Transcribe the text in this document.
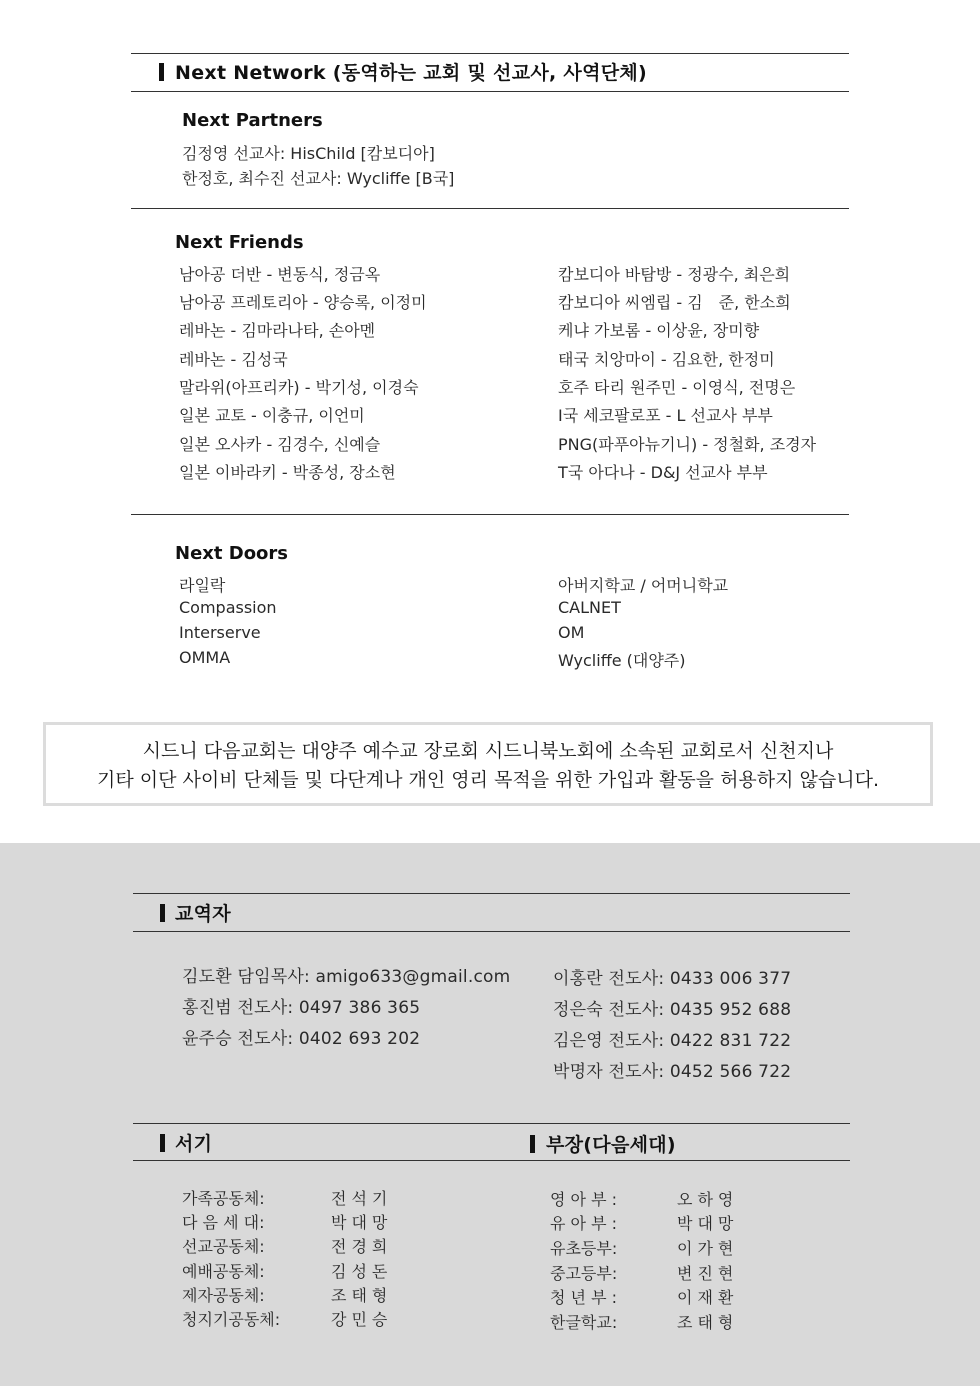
Next Network (동역하는 교회 및 선교사, 사역단체)
Next Partners
김정영 선교사: HisChild [캄보디아]
한정호, 최수진 선교사: Wycliffe [B국]
Next Friends
남아공 더반 - 변동식, 정금옥
남아공 프레토리아 - 양승록, 이정미
레바논 - 김마라나타, 손아멘
레바논 - 김성국
말라위(아프리카) - 박기성, 이경숙
일본 교토 - 이충규, 이언미
일본 오사카 - 김경수, 신예슬
일본 이바라키 - 박종성, 장소현
캄보디아 바탐방 - 정광수, 최은희
캄보디아 씨엠립 - 김　준, 한소희
케냐 가보롬 - 이상윤, 장미향
태국 치앙마이 - 김요한, 한정미
호주 타리 원주민 - 이영식, 전명은
I국 세코팔로포 - L 선교사 부부
PNG(파푸아뉴기니) - 정철화, 조경자
T국 아다나 - D&J 선교사 부부
Next Doors
라일락
Compassion
Interserve
OMMA
아버지학교 / 어머니학교
CALNET
OM
Wycliffe (대양주)
시드니 다음교회는 대양주 예수교 장로회 시드니북노회에 소속된 교회로서 신천지나
기타 이단 사이비 단체들 및 다단계나 개인 영리 목적을 위한 가입과 활동을 허용하지 않습니다.
교역자
김도환 담임목사: amigo633@gmail.com
홍진범 전도사: 0497 386 365
윤주승 전도사: 0402 693 202
이홍란 전도사: 0433 006 377
정은숙 전도사: 0435 952 688
김은영 전도사: 0422 831 722
박명자 전도사: 0452 566 722
서기	부장(다음세대)
가족공동체:
다 음 세 대:
선교공동체:
예배공동체:
제자공동체:
청지기공동체:
전석기
박대망
전경희
김성돈
조태형
강민승
영 아 부 :
유 아 부 :
유초등부:
중고등부:
청 년 부 :
한글학교:
오하영
박대망
이가현
변진현
이재환
조태형
